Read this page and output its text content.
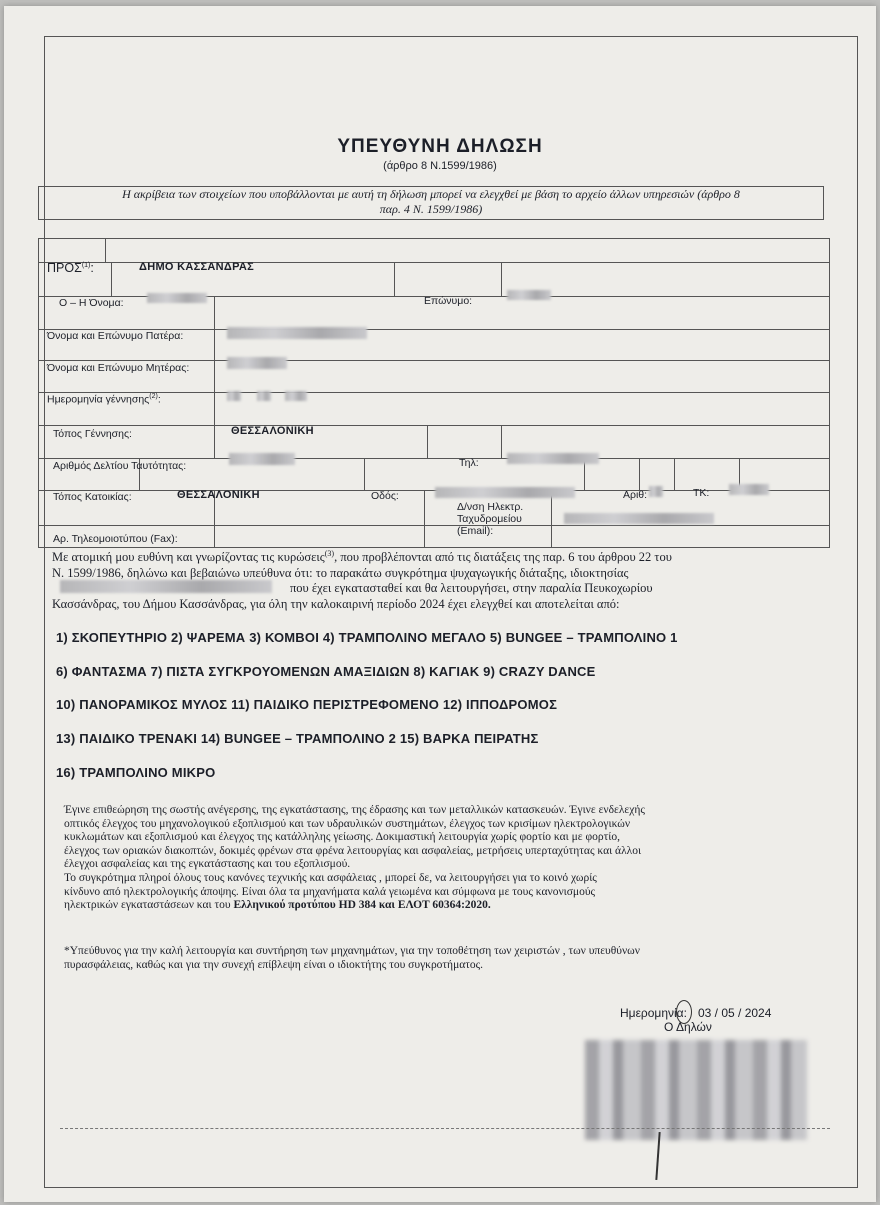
ΥΠΕΥΘΥΝΗ ΔΗΛΩΣΗ
(άρθρο 8 Ν.1599/1986)
Η ακρίβεια των στοιχείων που υποβάλλονται με αυτή τη δήλωση μπορεί να ελεγχθεί με βάση το αρχείο άλλων υπηρεσιών (άρθρο 8
παρ. 4 Ν. 1599/1986)
ΠΡΟΣ$^{(1)}$:	ΔΗΜΟ ΚΑΣΣΑΝΔΡΑΣ
Ο – Η Όνομα:	Επώνυμο:
Όνομα και Επώνυμο Πατέρα:
Όνομα και Επώνυμο Μητέρας:
Ημερομηνία γέννησης$^{(2)}$:
Τόπος Γέννησης:	ΘΕΣΣΑΛΟΝΙΚΗ
Αριθμός Δελτίου Ταυτότητας:	Τηλ:
Τόπος Κατοικίας:	ΘΕΣΣΑΛΟΝΙΚΗ	Οδός:	Αριθ:	ΤΚ:
Αρ. Τηλεομοιοτύπου (Fax):
Δ/νση Ηλεκτρ.
Ταχυδρομείου
(Email):
Με ατομική μου ευθύνη και γνωρίζοντας τις κυρώσεις$^{(3)}$, που προβλέπονται από τις διατάξεις της παρ. 6 του άρθρου 22 του
Ν. 1599/1986, δηλώνω και βεβαιώνω υπεύθυνα ότι: το παρακάτω συγκρότημα ψυχαγωγικής διάταξης, ιδιοκτησίας
που έχει εγκατασταθεί και θα λειτουργήσει, στην παραλία Πευκοχωρίου
Κασσάνδρας, του Δήμου Κασσάνδρας, για όλη την καλοκαιρινή περίοδο 2024 έχει ελεγχθεί και αποτελείται από:
1) ΣΚΟΠΕΥΤΗΡΙΟ 2) ΨΑΡΕΜΑ 3) ΚΟΜΒΟΙ 4) ΤΡΑΜΠΟΛΙΝΟ ΜΕΓΑΛΟ 5) BUNGEE – ΤΡΑΜΠΟΛΙΝΟ 1
6) ΦΑΝΤΑΣΜΑ 7) ΠΙΣΤΑ ΣΥΓΚΡΟΥΟΜΕΝΩΝ ΑΜΑΞΙΔΙΩΝ 8) ΚΑΓΙΑΚ 9) CRAZY DANCE
10) ΠΑΝΟΡΑΜΙΚΟΣ ΜΥΛΟΣ 11) ΠΑΙΔΙΚΟ ΠΕΡΙΣΤΡΕΦΟΜΕΝΟ 12) ΙΠΠΟΔΡΟΜΟΣ
13) ΠΑΙΔΙΚΟ ΤΡΕΝΑΚΙ 14) BUNGEE – ΤΡΑΜΠΟΛΙΝΟ 2 15) ΒΑΡΚΑ ΠΕΙΡΑΤΗΣ
16) ΤΡΑΜΠΟΛΙΝΟ ΜΙΚΡΟ
Έγινε επιθεώρηση της σωστής ανέγερσης, της εγκατάστασης, της έδρασης και των μεταλλικών κατασκευών. Έγινε ενδελεχής
οπτικός έλεγχος του μηχανολογικού εξοπλισμού και των υδραυλικών συστημάτων, έλεγχος των κρισίμων ηλεκτρολογικών
κυκλωμάτων και εξοπλισμού και έλεγχος της κατάλληλης γείωσης. Δοκιμαστική λειτουργία χωρίς φορτίο και με φορτίο,
έλεγχος των οριακών διακοπτών, δοκιμές φρένων στα φρένα λειτουργίας και ασφαλείας, μετρήσεις υπερταχύτητας και άλλοι
έλεγχοι ασφαλείας και της εγκατάστασης και του εξοπλισμού.
Το συγκρότημα πληροί όλους τους κανόνες τεχνικής και ασφάλειας , μπορεί δε, να λειτουργήσει για το κοινό χωρίς
κίνδυνο από ηλεκτρολογικής άποψης. Είναι όλα τα μηχανήματα καλά γειωμένα και σύμφωνα με τους κανονισμούς
ηλεκτρικών εγκαταστάσεων και του Ελληνικού προτύπου HD 384 και ΕΛΟΤ 60364:2020.
*Υπεύθυνος για την καλή λειτουργία και συντήρηση των μηχανημάτων, για την τοποθέτηση των χειριστών , των υπευθύνων
πυρασφάλειας, καθώς και για την συνεχή επίβλεψη είναι ο ιδιοκτήτης του συγκροτήματος.
Ημερομηνία: 03 / 05 / 2024
Ο Δηλών
